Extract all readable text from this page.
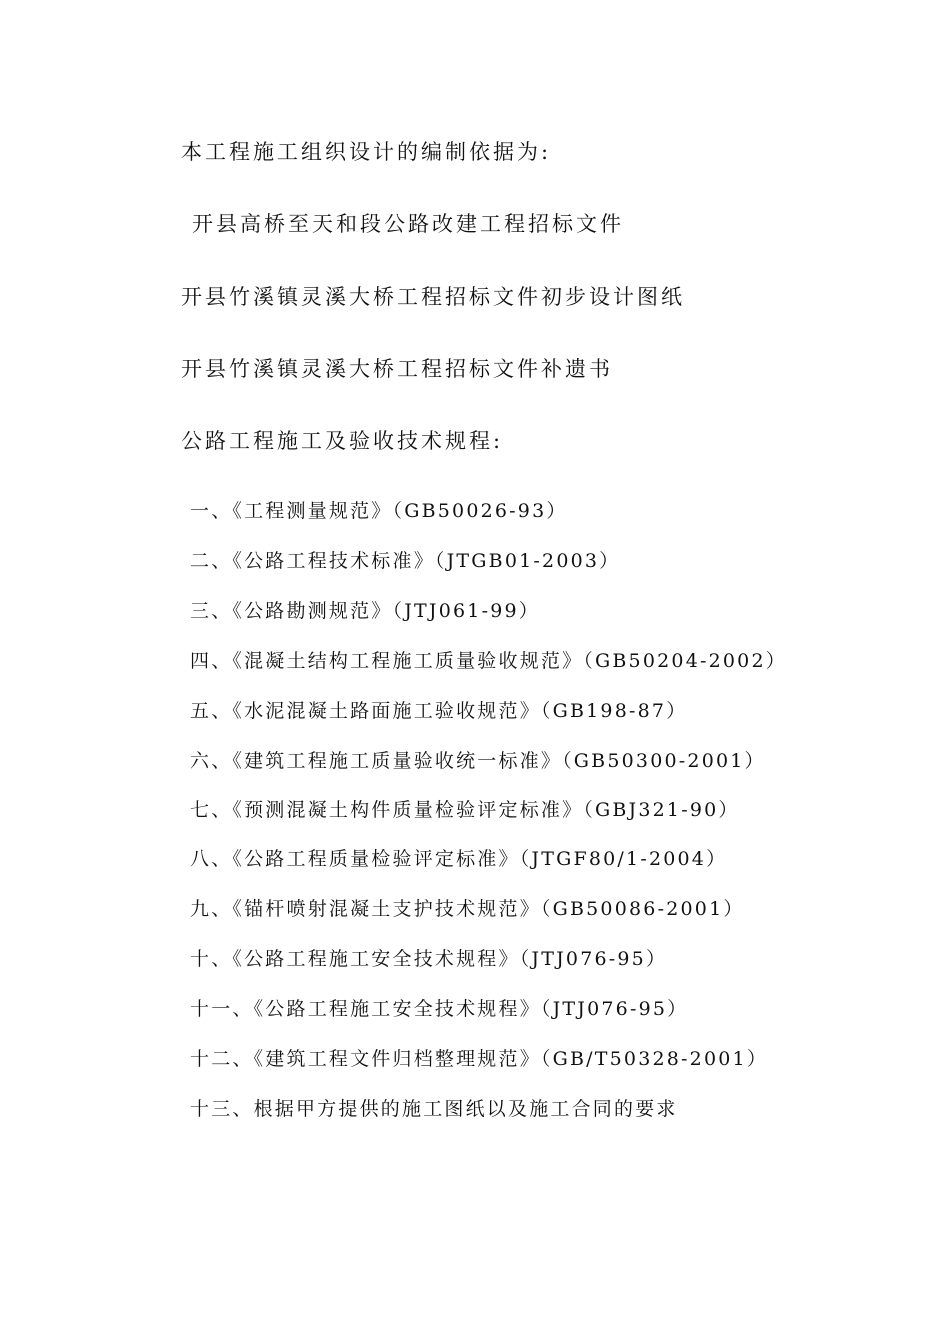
本工程施工组织设计的编制依据为:
开县高桥至天和段公路改建工程招标文件
开县竹溪镇灵溪大桥工程招标文件初步设计图纸
开县竹溪镇灵溪大桥工程招标文件补遗书
公路工程施工及验收技术规程:
一、《工程测量规范》（GB50026-93）
二、《公路工程技术标准》（JTGB01-2003）
三、《公路勘测规范》（JTJ061-99）
四、《混凝土结构工程施工质量验收规范》（GB50204-2002）
五、《水泥混凝土路面施工验收规范》（GB198-87）
六、《建筑工程施工质量验收统一标准》（GB50300-2001）
七、《预测混凝土构件质量检验评定标准》（GBJ321-90）
八、《公路工程质量检验评定标准》（JTGF80/1-2004）
九、《锚杆喷射混凝土支护技术规范》（GB50086-2001）
十、《公路工程施工安全技术规程》（JTJ076-95）
十一、《公路工程施工安全技术规程》（JTJ076-95）
十二、《建筑工程文件归档整理规范》（GB/T50328-2001）
十三、根据甲方提供的施工图纸以及施工合同的要求
